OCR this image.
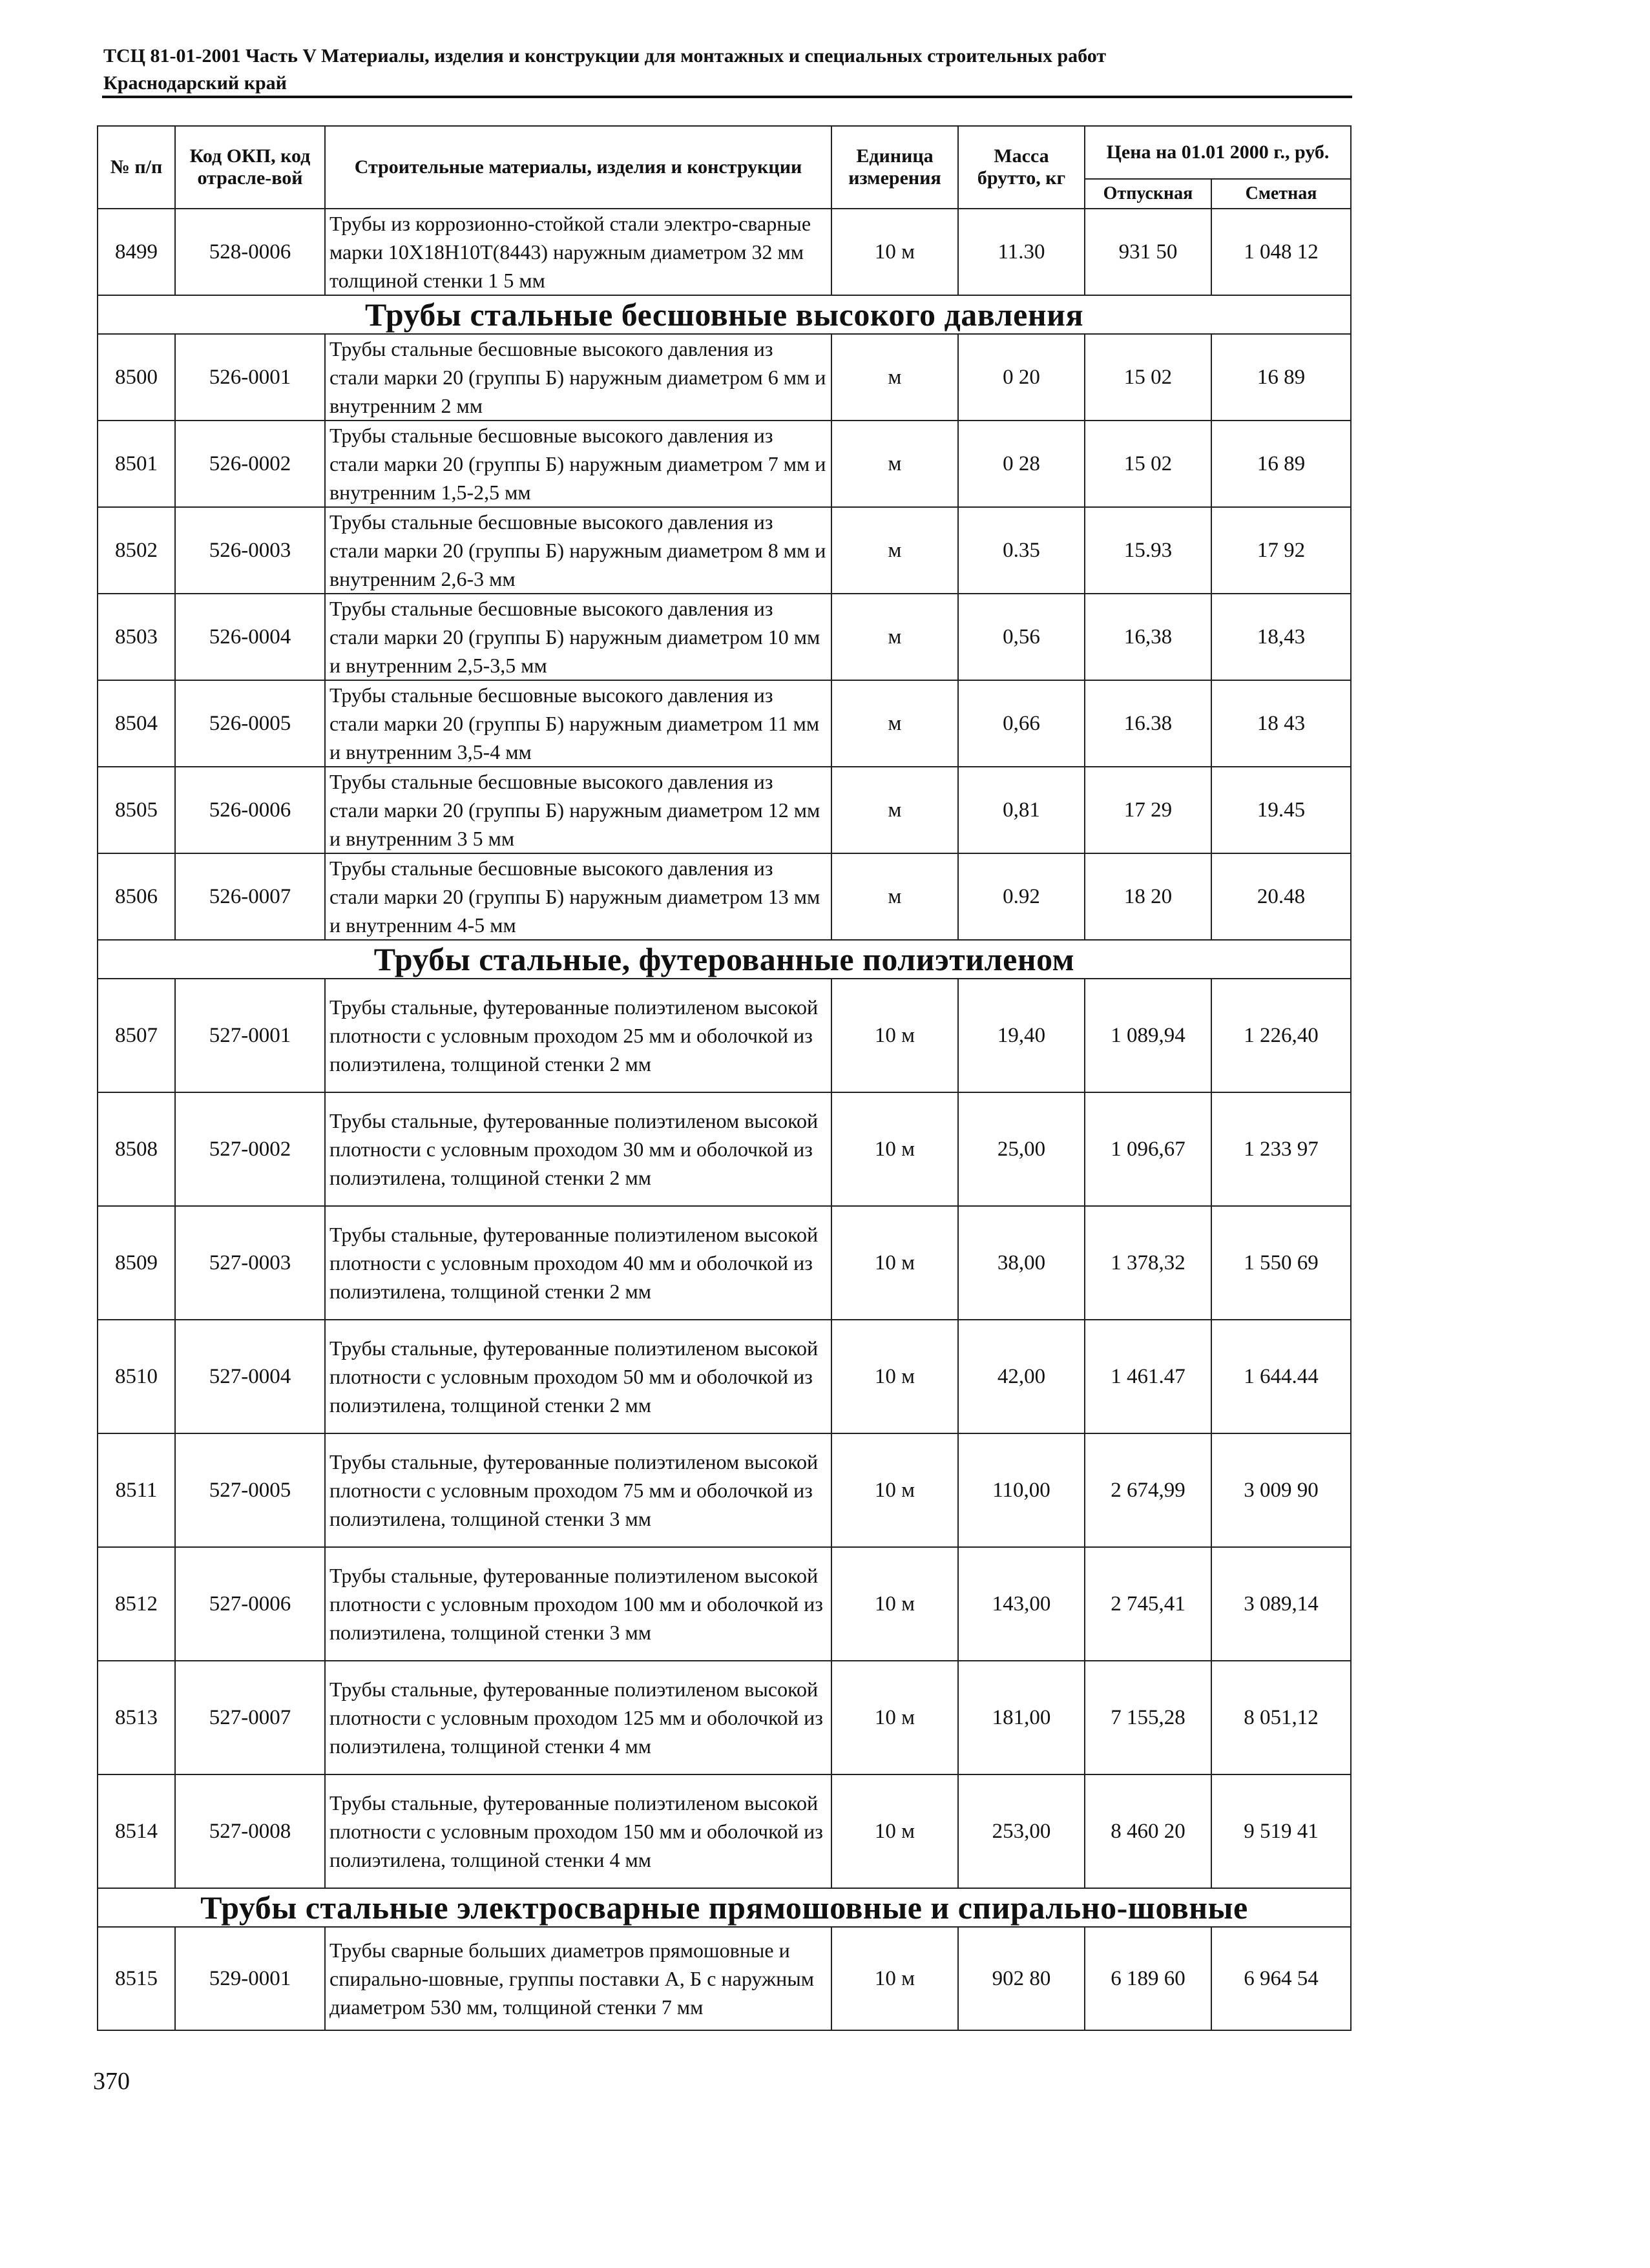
ТСЦ 81-01-2001 Часть V Материалы, изделия и конструкции для монтажных и специальных строительных работ
Краснодарский край
№ п/п	Код ОКП, код отрасле-вой	Строительные материалы, изделия и конструкции	Единица измерения	Масса брутто, кг	Цена на 01.01 2000 г., руб.	
					Отпускная	Сметная
8499	528-0006	Трубы из коррозионно-стойкой стали электро-сварные марки 10Х18Н10Т(8443) наружным диаметром 32 мм толщиной стенки 1 5 мм	10 м	11.30	931 50	1 048 12
Трубы стальные бесшовные высокого давления						
8500	526-0001	Трубы стальные бесшовные высокого давления из стали марки 20 (группы Б) наружным диаметром 6 мм и внутренним 2 мм	м	0 20	15 02	16 89
8501	526-0002	Трубы стальные бесшовные высокого давления из стали марки 20 (группы Б) наружным диаметром 7 мм и внутренним 1,5-2,5 мм	м	0 28	15 02	16 89
8502	526-0003	Трубы стальные бесшовные высокого давления из стали марки 20 (группы Б) наружным диаметром 8 мм и внутренним 2,6-3 мм	м	0.35	15.93	17 92
8503	526-0004	Трубы стальные бесшовные высокого давления из стали марки 20 (группы Б) наружным диаметром 10 мм и внутренним 2,5-3,5 мм	м	0,56	16,38	18,43
8504	526-0005	Трубы стальные бесшовные высокого давления из стали марки 20 (группы Б) наружным диаметром 11 мм и внутренним 3,5-4 мм	м	0,66	16.38	18 43
8505	526-0006	Трубы стальные бесшовные высокого давления из стали марки 20 (группы Б) наружным диаметром 12 мм и внутренним 3 5 мм	м	0,81	17 29	19.45
8506	526-0007	Трубы стальные бесшовные высокого давления из стали марки 20 (группы Б) наружным диаметром 13 мм и внутренним 4-5 мм	м	0.92	18 20	20.48
Трубы стальные, футерованные полиэтиленом						
8507	527-0001	Трубы стальные, футерованные полиэтиленом высокой плотности с условным проходом 25 мм и оболочкой из полиэтилена, толщиной стенки 2 мм	10 м	19,40	1 089,94	1 226,40
8508	527-0002	Трубы стальные, футерованные полиэтиленом высокой плотности с условным проходом 30 мм и оболочкой из полиэтилена, толщиной стенки 2 мм	10 м	25,00	1 096,67	1 233 97
8509	527-0003	Трубы стальные, футерованные полиэтиленом высокой плотности с условным проходом 40 мм и оболочкой из полиэтилена, толщиной стенки 2 мм	10 м	38,00	1 378,32	1 550 69
8510	527-0004	Трубы стальные, футерованные полиэтиленом высокой плотности с условным проходом 50 мм и оболочкой из полиэтилена, толщиной стенки 2 мм	10 м	42,00	1 461.47	1 644.44
8511	527-0005	Трубы стальные, футерованные полиэтиленом высокой плотности с условным проходом 75 мм и оболочкой из полиэтилена, толщиной стенки 3 мм	10 м	110,00	2 674,99	3 009 90
8512	527-0006	Трубы стальные, футерованные полиэтиленом высокой плотности с условным проходом 100 мм и оболочкой из полиэтилена, толщиной стенки 3 мм	10 м	143,00	2 745,41	3 089,14
8513	527-0007	Трубы стальные, футерованные полиэтиленом высокой плотности с условным проходом 125 мм и оболочкой из полиэтилена, толщиной стенки 4 мм	10 м	181,00	7 155,28	8 051,12
8514	527-0008	Трубы стальные, футерованные полиэтиленом высокой плотности с условным проходом 150 мм и оболочкой из полиэтилена, толщиной стенки 4 мм	10 м	253,00	8 460 20	9 519 41
Трубы стальные электросварные прямошовные и спирально-шовные						
8515	529-0001	Трубы сварные больших диаметров прямошовные и спирально-шовные, группы поставки А, Б с наружным диаметром 530 мм, толщиной стенки 7 мм	10 м	902 80	6 189 60	6 964 54
370
